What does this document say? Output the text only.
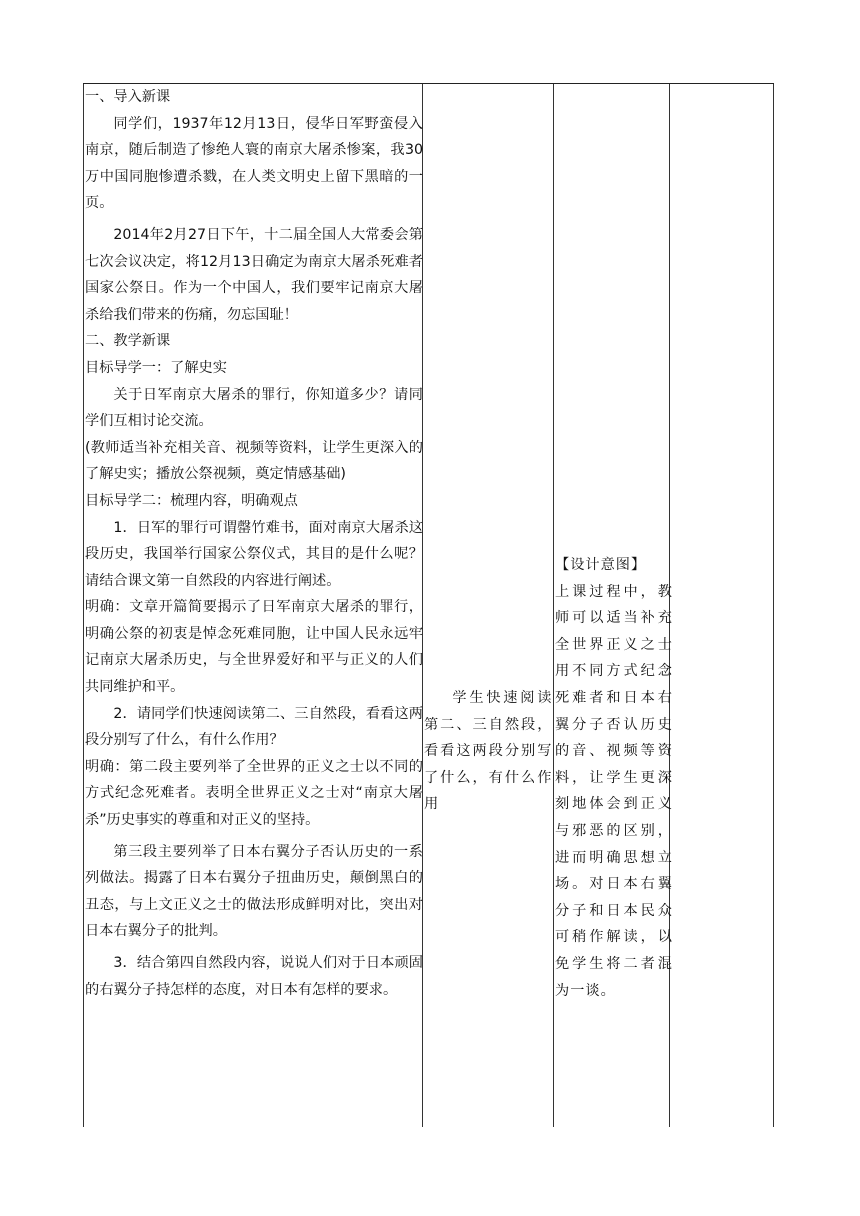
一、导入新课

同学们，1937年12月13日，侵华日军野蛮侵入南京，随后制造了惨绝人寰的南京大屠杀惨案，我30万中国同胞惨遭杀戮，在人类文明史上留下黑暗的一页。

2014年2月27日下午，十二届全国人大常委会第七次会议决定，将12月13日确定为南京大屠杀死难者国家公祭日。作为一个中国人，我们要牢记南京大屠杀给我们带来的伤痛，勿忘国耻！

二、教学新课

目标导学一：了解史实

关于日军南京大屠杀的罪行，你知道多少？请同学们互相讨论交流。

(教师适当补充相关音、视频等资料，让学生更深入的了解史实；播放公祭视频，奠定情感基础)

目标导学二：梳理内容，明确观点

1．日军的罪行可谓罄竹难书，面对南京大屠杀这段历史，我国举行国家公祭仪式，其目的是什么呢？请结合课文第一自然段的内容进行阐述。

明确：文章开篇简要揭示了日军南京大屠杀的罪行，明确公祭的初衷是悼念死难同胞，让中国人民永远牢记南京大屠杀历史，与全世界爱好和平与正义的人们共同维护和平。

2．请同学们快速阅读第二、三自然段，看看这两段分别写了什么，有什么作用？

明确：第二段主要列举了全世界的正义之士以不同的方式纪念死难者。表明全世界正义之士对“南京大屠杀”历史事实的尊重和对正义的坚持。

第三段主要列举了日本右翼分子否认历史的一系列做法。揭露了日本右翼分子扭曲历史，颠倒黑白的丑态，与上文正义之士的做法形成鲜明对比，突出对日本右翼分子的批判。

3．结合第四自然段内容，说说人们对于日本顽固的右翼分子持怎样的态度，对日本有怎样的要求。

学生快速阅读第二、三自然段，看看这两段分别写了什么，有什么作用

【设计意图】

上课过程中，教师可以适当补充全世界正义之士用不同方式纪念死难者和日本右翼分子否认历史的音、视频等资料，让学生更深刻地体会到正义与邪恶的区别，进而明确思想立场。对日本右翼分子和日本民众可稍作解读，以免学生将二者混为一谈。
